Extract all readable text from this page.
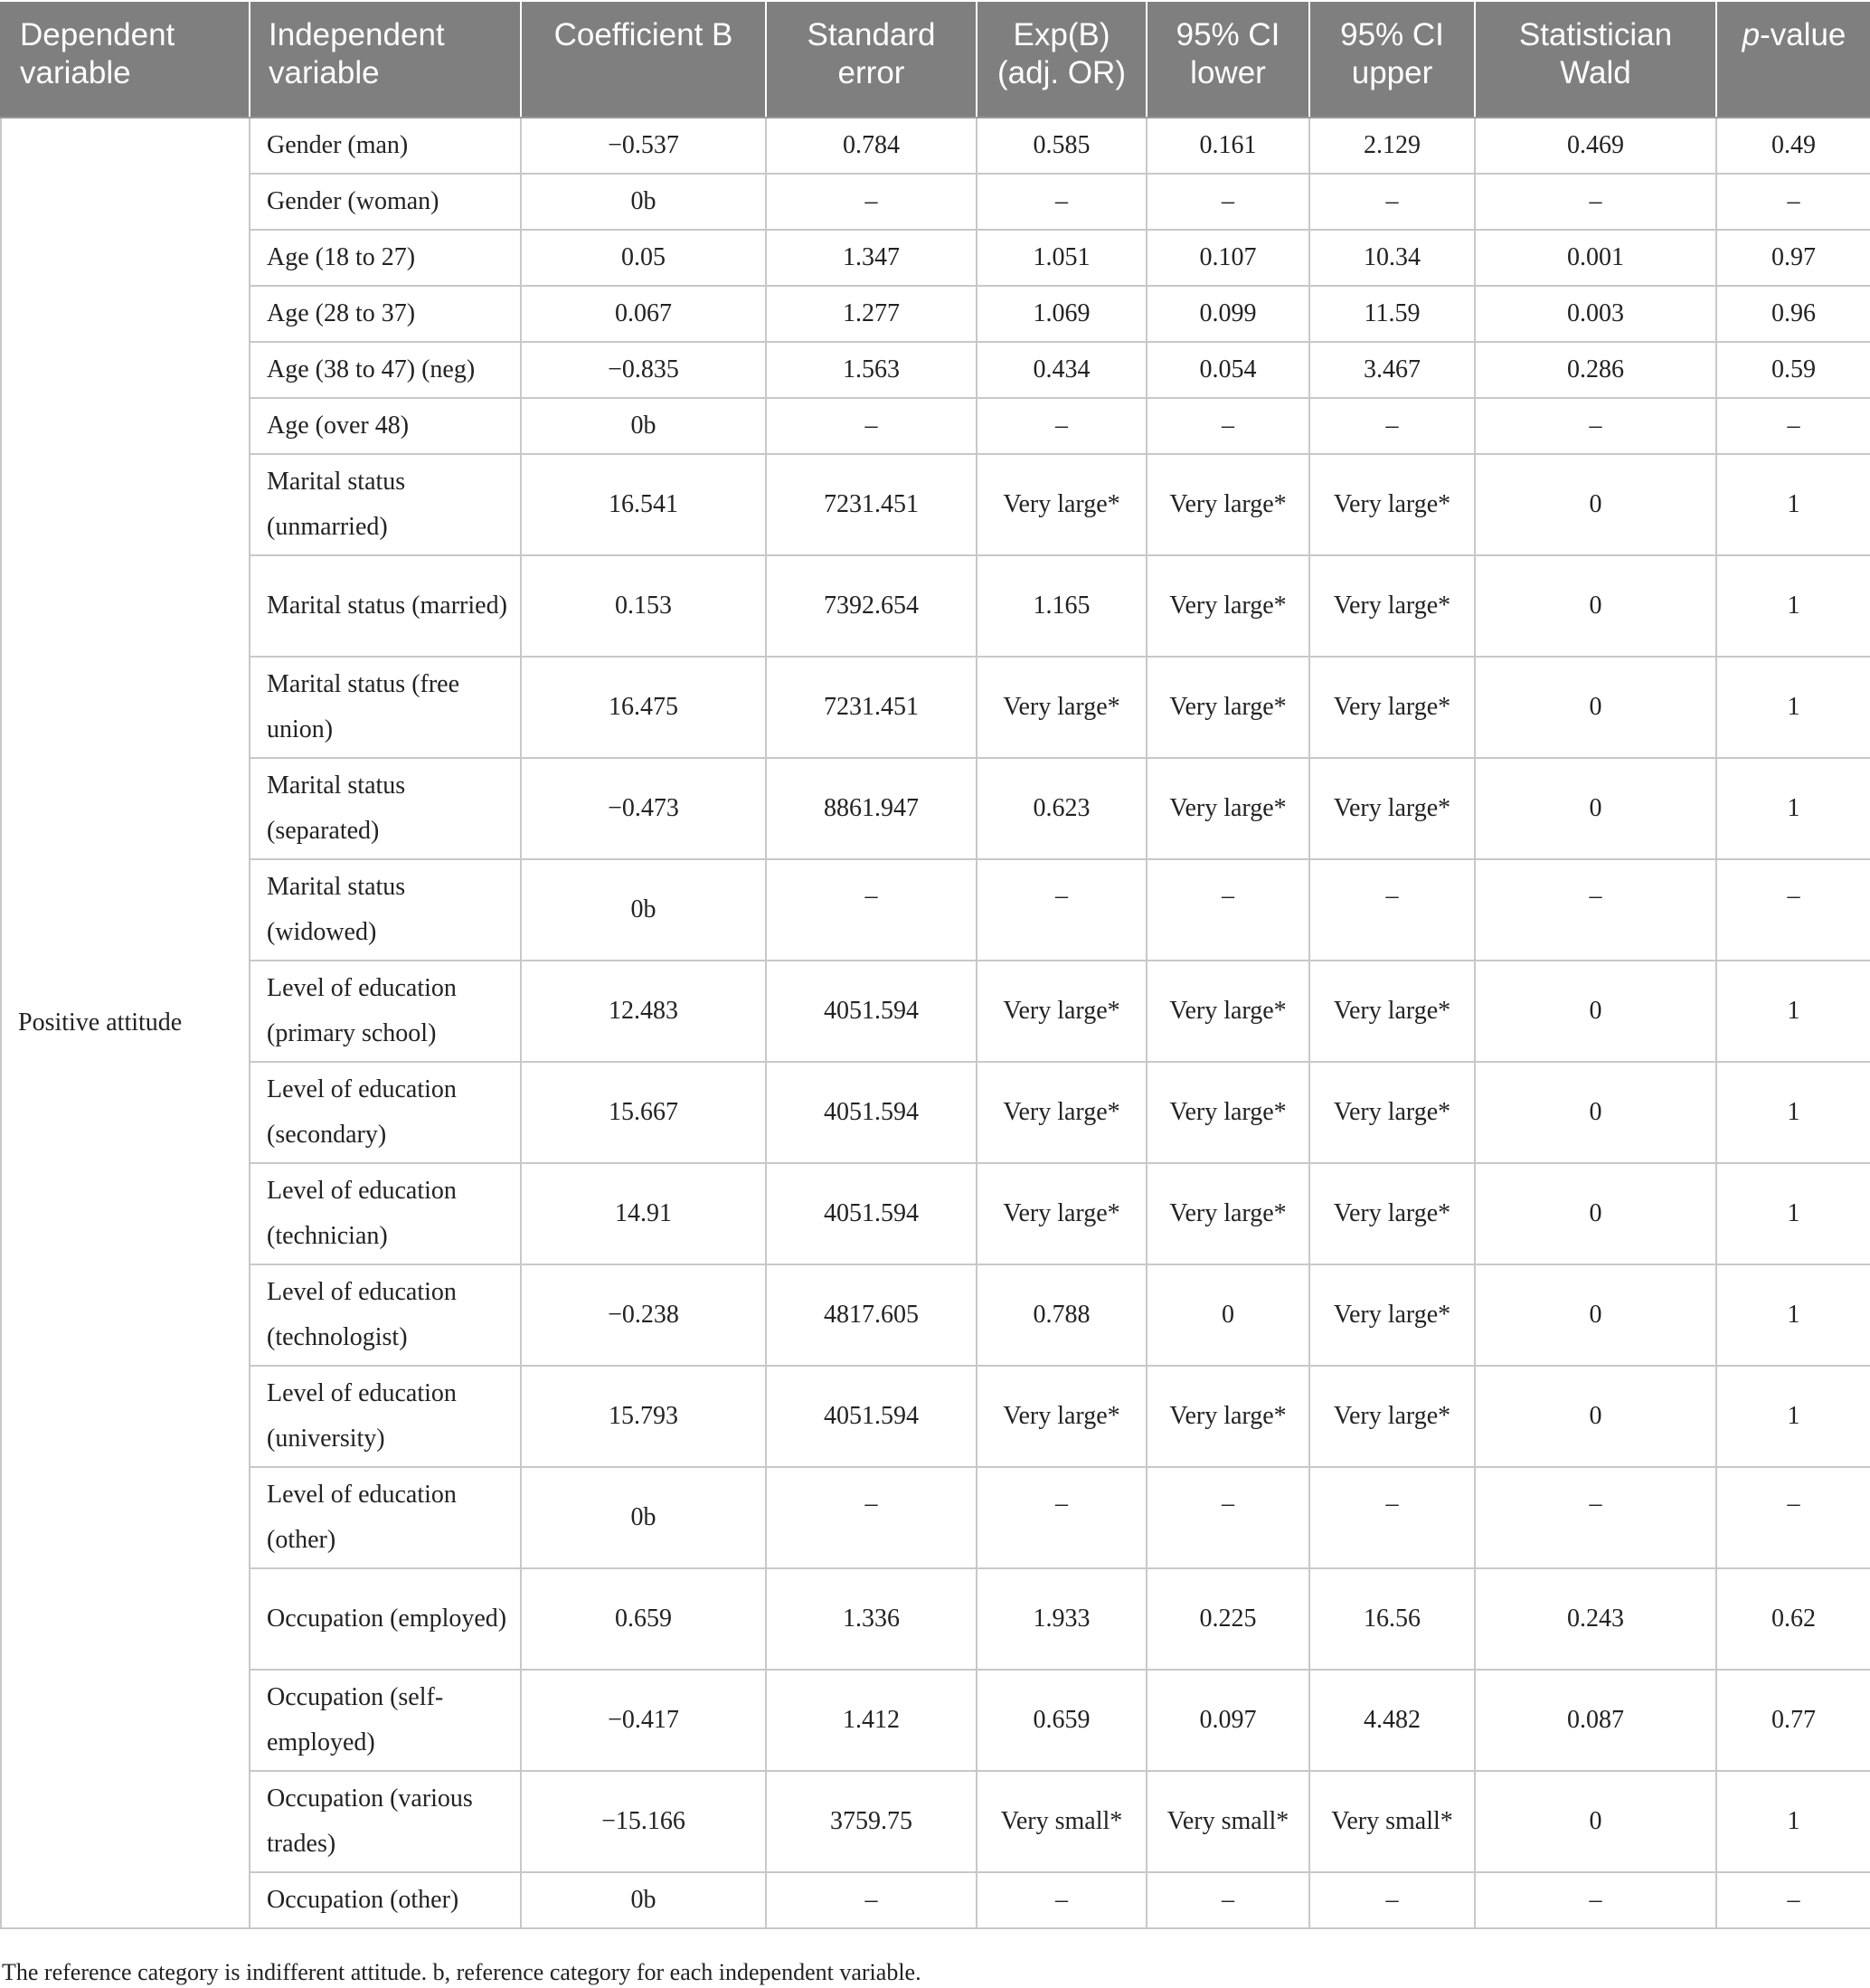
Dependent variable	Independent variable	Coefficient B	Standard error	Exp(B) (adj. OR)	95% CI lower	95% CI upper	Statistician Wald	p-value
Positive attitude	Gender (man)	−0.537	0.784	0.585	0.161	2.129	0.469	0.49
	Gender (woman)	0b	–	–	–	–	–	–
	Age (18 to 27)	0.05	1.347	1.051	0.107	10.34	0.001	0.97
	Age (28 to 37)	0.067	1.277	1.069	0.099	11.59	0.003	0.96
	Age (38 to 47) (neg)	−0.835	1.563	0.434	0.054	3.467	0.286	0.59
	Age (over 48)	0b	–	–	–	–	–	–
	Marital status (unmarried)	16.541	7231.451	Very large*	Very large*	Very large*	0	1
	Marital status (married)	0.153	7392.654	1.165	Very large*	Very large*	0	1
	Marital status (free union)	16.475	7231.451	Very large*	Very large*	Very large*	0	1
	Marital status (separated)	−0.473	8861.947	0.623	Very large*	Very large*	0	1
	Marital status (widowed)	0b	–	–	–	–	–	–
	Level of education (primary school)	12.483	4051.594	Very large*	Very large*	Very large*	0	1
	Level of education (secondary)	15.667	4051.594	Very large*	Very large*	Very large*	0	1
	Level of education (technician)	14.91	4051.594	Very large*	Very large*	Very large*	0	1
	Level of education (technologist)	−0.238	4817.605	0.788	0	Very large*	0	1
	Level of education (university)	15.793	4051.594	Very large*	Very large*	Very large*	0	1
	Level of education (other)	0b	–	–	–	–	–	–
	Occupation (employed)	0.659	1.336	1.933	0.225	16.56	0.243	0.62
	Occupation (self-employed)	−0.417	1.412	0.659	0.097	4.482	0.087	0.77
	Occupation (various trades)	−15.166	3759.75	Very small*	Very small*	Very small*	0	1
	Occupation (other)	0b	–	–	–	–	–	–
The reference category is indifferent attitude. b, reference category for each independent variable.
